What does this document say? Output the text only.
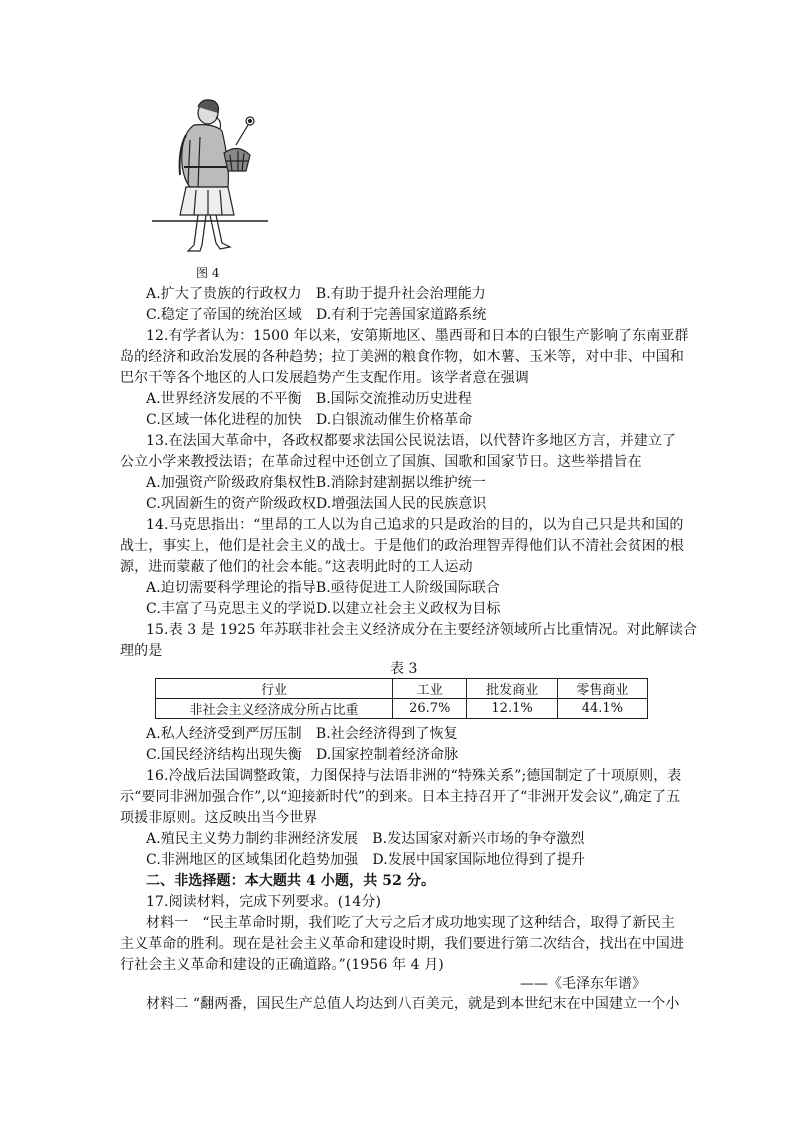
图 4
A.扩大了贵族的行政权力　B.有助于提升社会治理能力
C.稳定了帝国的统治区域　D.有利于完善国家道路系统
12.有学者认为：1500 年以来，安第斯地区、墨西哥和日本的白银生产影响了东南亚群
岛的经济和政治发展的各种趋势；拉丁美洲的粮食作物，如木薯、玉米等，对中非、中国和
巴尔干等各个地区的人口发展趋势产生支配作用。该学者意在强调
A.世界经济发展的不平衡　B.国际交流推动历史进程
C.区域一体化进程的加快　D.白银流动催生价格革命
13.在法国大革命中，各政权都要求法国公民说法语，以代替许多地区方言，并建立了
公立小学来教授法语；在革命过程中还创立了国旗、国歌和国家节日。这些举措旨在
A.加强资产阶级政府集权性B.消除封建割据以维护统一
C.巩固新生的资产阶级政权D.增强法国人民的民族意识
14.马克思指出：“里昂的工人以为自己追求的只是政治的目的，以为自己只是共和国的
战士，事实上，他们是社会主义的战士。于是他们的政治理智弄得他们认不清社会贫困的根
源，进而蒙蔽了他们的社会本能。”这表明此时的工人运动
A.迫切需要科学理论的指导B.亟待促进工人阶级国际联合
C.丰富了马克思主义的学说D.以建立社会主义政权为目标
15.表 3 是 1925 年苏联非社会主义经济成分在主要经济领域所占比重情况。对此解读合
理的是
表 3
行业	工业	批发商业	零售商业
非社会主义经济成分所占比重	26.7%	12.1%	44.1%
A.私人经济受到严厉压制　B.社会经济得到了恢复
C.国民经济结构出现失衡　D.国家控制着经济命脉
16.冷战后法国调整政策，力图保持与法语非洲的“特殊关系”;德国制定了十项原则，表
示“要同非洲加强合作”,以“迎接新时代”的到来。日本主持召开了“非洲开发会议”,确定了五
项援非原则。这反映出当今世界
A.殖民主义势力制约非洲经济发展　B.发达国家对新兴市场的争夺激烈
C.非洲地区的区域集团化趋势加强　D.发展中国家国际地位得到了提升
二、非选择题：本大题共 4 小题，共 52 分。
17.阅读材料，完成下列要求。(14分)
材料一　“民主革命时期，我们吃了大亏之后才成功地实现了这种结合，取得了新民主
主义革命的胜利。现在是社会主义革命和建设时期，我们要进行第二次结合，找出在中国进
行社会主义革命和建设的正确道路。”(1956 年 4 月)
——《毛泽东年谱》
材料二 “翻两番，国民生产总值人均达到八百美元，就是到本世纪末在中国建立一个小
